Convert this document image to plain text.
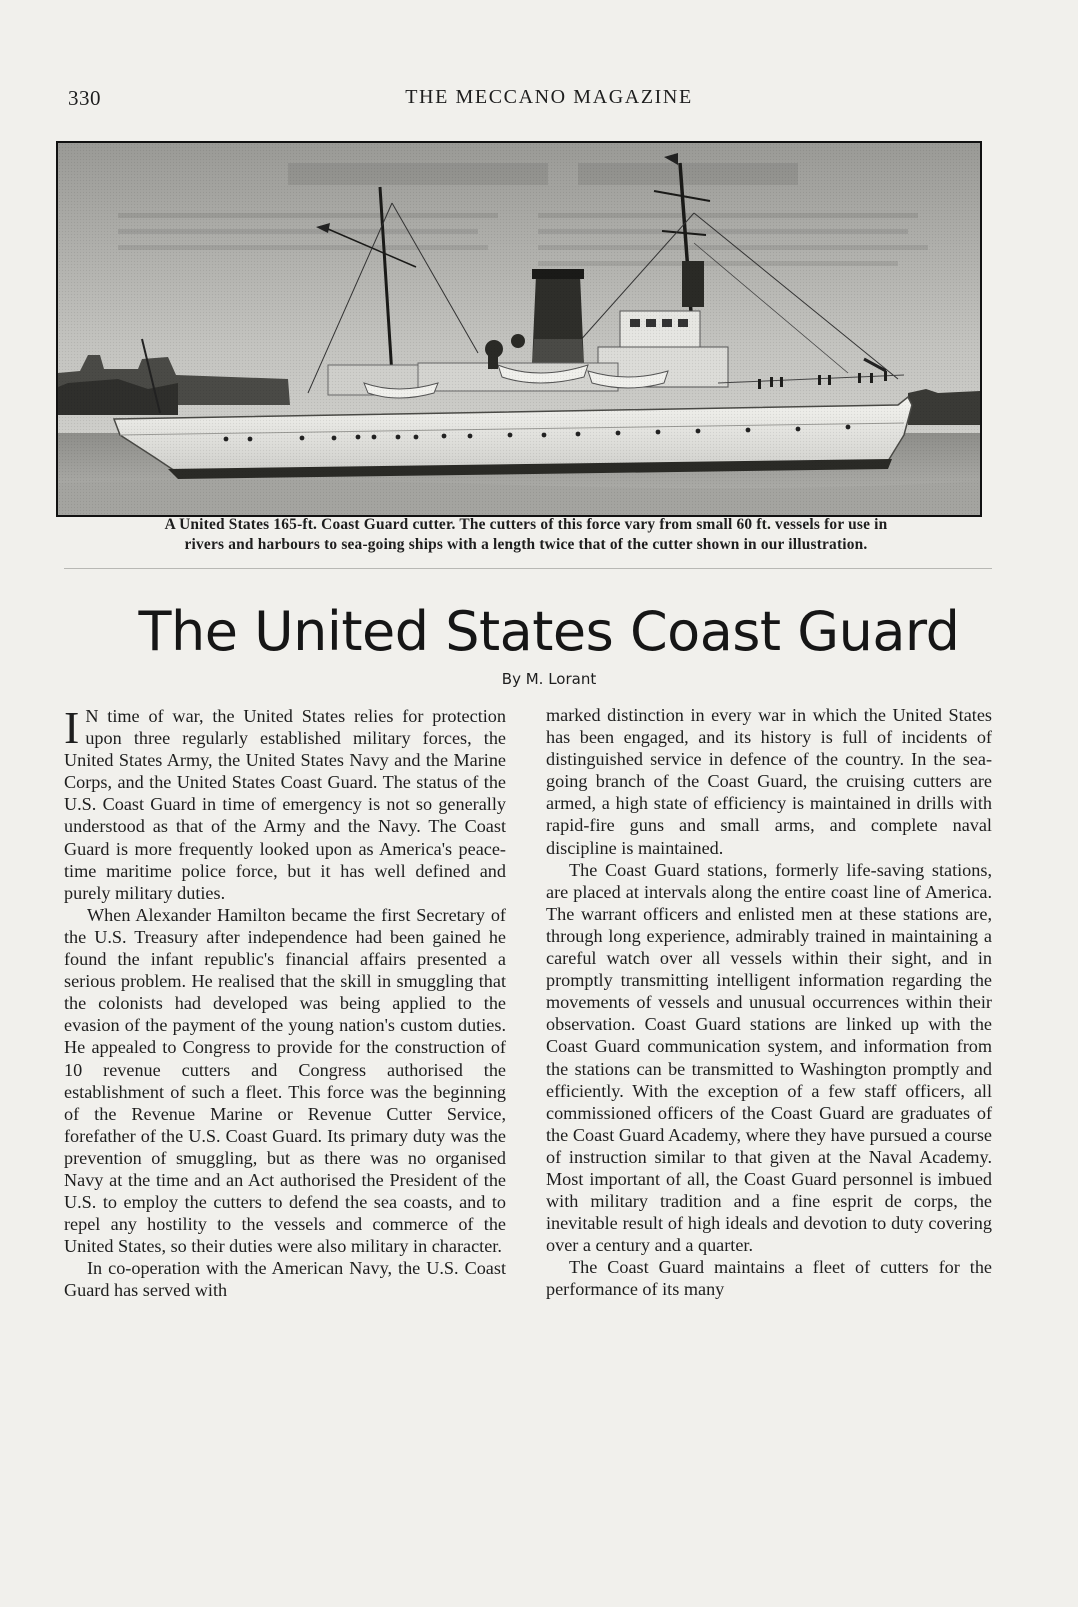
330	THE MECCANO MAGAZINE
A United States 165-ft. Coast Guard cutter. The cutters of this force vary from small 60 ft. vessels for use in
rivers and harbours to sea-going ships with a length twice that of the cutter shown in our illustration.
The United States Coast Guard
By M. Lorant

I N time of war, the United States relies for protection upon three regularly established military forces, the United States Army, the United States Navy and the Marine Corps, and the United States Coast Guard. The status of the U.S. Coast Guard in time of emergency is not so generally understood as that of the Army and the Navy. The Coast Guard is more frequently looked upon as America's peace-time maritime police force, but it has well defined and purely military duties.

When Alexander Hamilton became the first Secretary of the U.S. Treasury after independence had been gained he found the infant republic's financial affairs presented a serious problem. He realised that the skill in smuggling that the colonists had developed was being applied to the evasion of the payment of the young nation's custom duties. He appealed to Congress to provide for the construction of 10 revenue cutters and Congress authorised the establishment of such a fleet. This force was the beginning of the Revenue Marine or Revenue Cutter Service, forefather of the U.S. Coast Guard. Its primary duty was the prevention of smuggling, but as there was no organised Navy at the time and an Act authorised the President of the U.S. to employ the cutters to defend the sea coasts, and to repel any hostility to the vessels and commerce of the United States, so their duties were also military in character.

In co-operation with the American Navy, the U.S. Coast Guard has served with

marked distinction in every war in which the United States has been engaged, and its history is full of incidents of distinguished service in defence of the country. In the sea-going branch of the Coast Guard, the cruising cutters are armed, a high state of efficiency is maintained in drills with rapid-fire guns and small arms, and complete naval discipline is maintained.

The Coast Guard stations, formerly life-saving stations, are placed at intervals along the entire coast line of America. The warrant officers and enlisted men at these stations are, through long experience, admirably trained in maintaining a careful watch over all vessels within their sight, and in promptly transmitting intelligent information regarding the movements of vessels and unusual occurrences within their observation. Coast Guard stations are linked up with the Coast Guard communication system, and information from the stations can be transmitted to Washington promptly and efficiently. With the exception of a few staff officers, all commissioned officers of the Coast Guard are graduates of the Coast Guard Academy, where they have pursued a course of instruction similar to that given at the Naval Academy. Most important of all, the Coast Guard personnel is imbued with military tradition and a fine esprit de corps, the inevitable result of high ideals and devotion to duty covering over a century and a quarter.

The Coast Guard maintains a fleet of cutters for the performance of its many
